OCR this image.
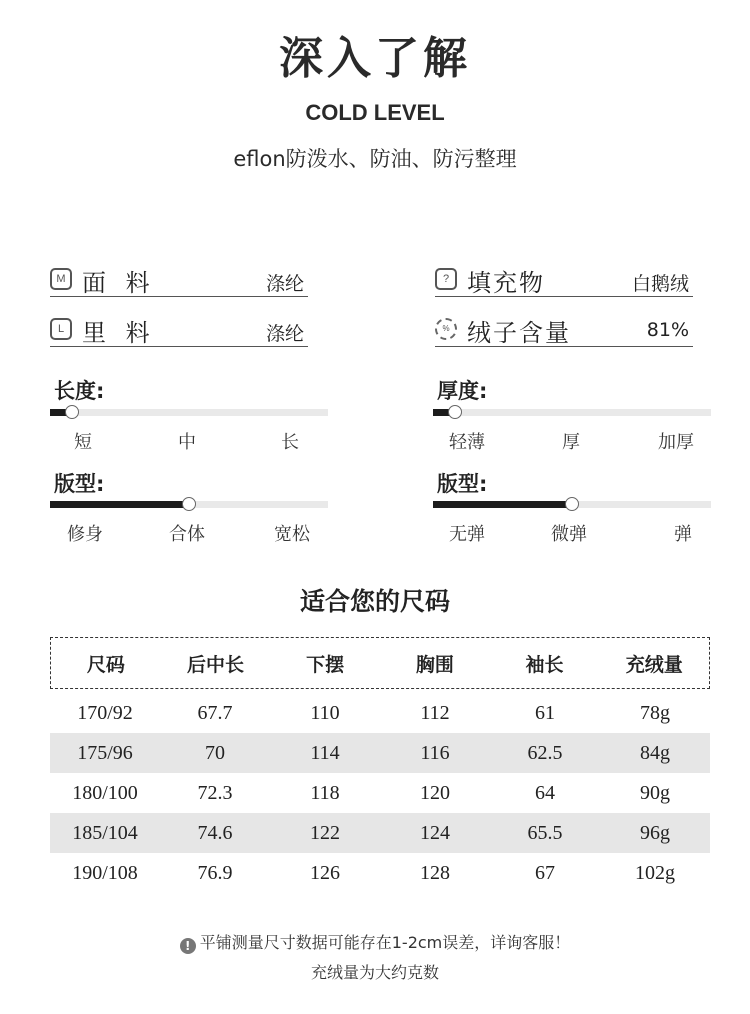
深入了解
COLD LEVEL
eflon防泼水、防油、防污整理
M 面 料	涤纶	? 填充物	白鹅绒
L 里 料	涤纶	% 绒子含量	81%
长度:
短	中	长
厚度:
轻薄	厚	加厚
版型:
修身	合体	宽松
版型:
无弹	微弹	弹
适合您的尺码
尺码	后中长	下摆	胸围	袖长	充绒量
170/92	67.7	110	112	61	78g
175/96	70	114	116	62.5	84g
180/100	72.3	118	120	64	90g
185/104	74.6	122	124	65.5	96g
190/108	76.9	126	128	67	102g
! 平铺测量尺寸数据可能存在1-2cm误差，详询客服！
充绒量为大约克数
